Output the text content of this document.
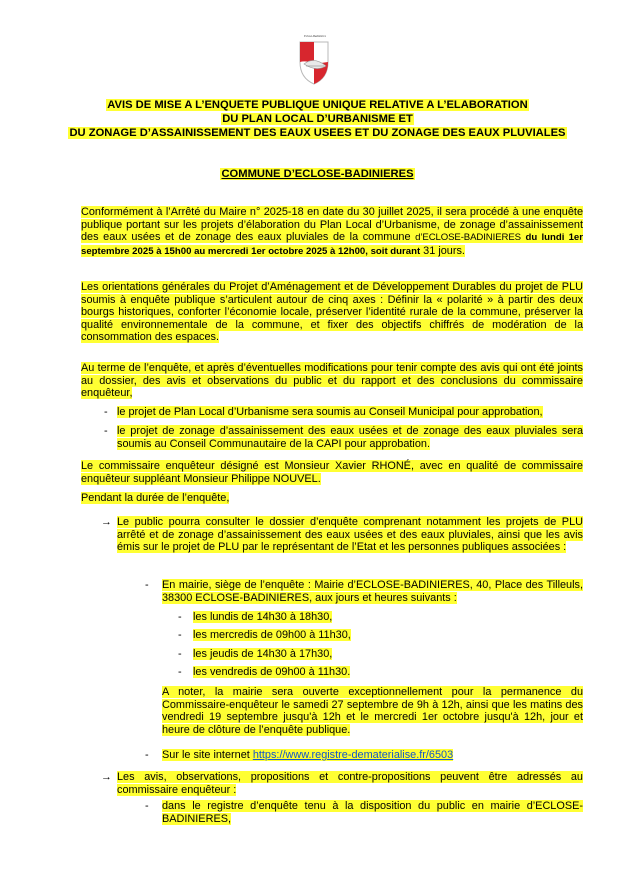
Eclose-Badinières
AVIS DE MISE A L’ENQUETE PUBLIQUE UNIQUE RELATIVE A L’ELABORATION
DU PLAN LOCAL D’URBANISME ET
DU ZONAGE D’ASSAINISSEMENT DES EAUX USEES ET DU ZONAGE DES EAUX PLUVIALES
COMMUNE D’ECLOSE-BADINIERES
Conformément à l’Arrêté du Maire n° 2025-18 en date du 30 juillet 2025, il sera procédé à une enquête publique portant sur les projets d’élaboration du Plan Local d’Urbanisme, de zonage d’assainissement des eaux usées et de zonage des eaux pluviales de la commune d’ECLOSE-BADINIERES du lundi 1er septembre 2025 à 15h00 au mercredi 1er octobre 2025 à 12h00, soit durant 31 jours.
Les orientations générales du Projet d’Aménagement et de Développement Durables du projet de PLU soumis à enquête publique s’articulent autour de cinq axes : Définir la « polarité » à partir des deux bourgs historiques, conforter l’économie locale, préserver l’identité rurale de la commune, préserver la qualité environnementale de la commune, et fixer des objectifs chiffrés de modération de la consommation des espaces.
Au terme de l’enquête, et après d’éventuelles modifications pour tenir compte des avis qui ont été joints au dossier, des avis et observations du public et du rapport et des conclusions du commissaire enquêteur,
- le projet de Plan Local d’Urbanisme sera soumis au Conseil Municipal pour approbation,
- le projet de zonage d’assainissement des eaux usées et de zonage des eaux pluviales sera soumis au Conseil Communautaire de la CAPI pour approbation.
Le commissaire enquêteur désigné est Monsieur Xavier RHONÉ, avec en qualité de commissaire enquêteur suppléant Monsieur Philippe NOUVEL.
Pendant la durée de l’enquête,
→ Le public pourra consulter le dossier d’enquête comprenant notamment les projets de PLU arrêté et de zonage d’assainissement des eaux usées et des eaux pluviales, ainsi que les avis émis sur le projet de PLU par le représentant de l’Etat et les personnes publiques associées :
- En mairie, siège de l’enquête : Mairie d’ECLOSE-BADINIERES, 40, Place des Tilleuls, 38300 ECLOSE-BADINIERES, aux jours et heures suivants :
- les lundis de 14h30 à 18h30,
- les mercredis de 09h00 à 11h30,
- les jeudis de 14h30 à 17h30,
- les vendredis de 09h00 à 11h30.
A noter, la mairie sera ouverte exceptionnellement pour la permanence du Commissaire-enquêteur le samedi 27 septembre de 9h à 12h, ainsi que les matins des vendredi 19 septembre jusqu'à 12h et le mercredi 1er octobre jusqu'à 12h, jour et heure de clôture de l’enquête publique.
- Sur le site internet https://www.registre-dematerialise.fr/6503
→ Les avis, observations, propositions et contre-propositions peuvent être adressés au commissaire enquêteur :
- dans le registre d’enquête tenu à la disposition du public en mairie d’ECLOSE-BADINIERES,
